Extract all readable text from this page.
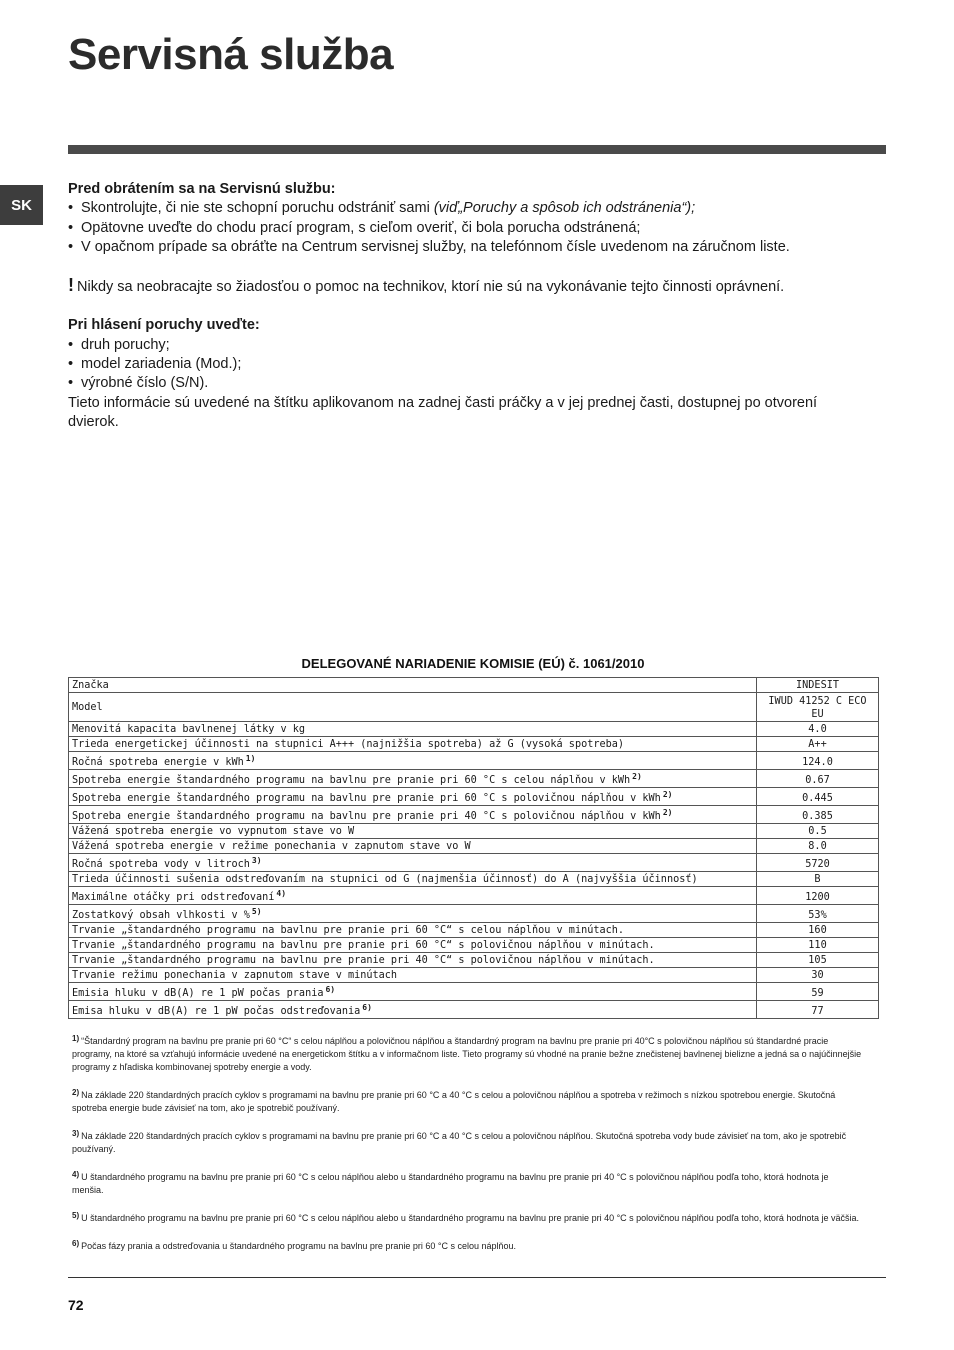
Servisná služba
SK

Pred obrátením sa na Servisnú službu:

• Skontrolujte, či nie ste schopní poruchu odstrániť sami (viď„Poruchy a spôsob ich odstránenia“);
• Opätovne uveďte do chodu prací program, s cieľom overiť, či bola porucha odstránená;
• V opačnom prípade sa obráťte na Centrum servisnej služby, na telefónnom čísle uvedenom na záručnom liste.

! Nikdy sa neobracajte so žiadosťou o pomoc na technikov, ktorí nie sú na vykonávanie tejto činnosti oprávnení.

Pri hlásení poruchy uveďte:

• druh poruchy;
• model zariadenia (Mod.);
• výrobné číslo (S/N).

Tieto informácie sú uvedené na štítku aplikovanom na zadnej časti práčky a v jej prednej časti, dostupnej po otvorení dvierok.

DELEGOVANÉ NARIADENIE KOMISIE (EÚ) č. 1061/2010
Značka	INDESIT
Model	IWUD 41252 C ECO EU
Menovitá kapacita bavlnenej látky v kg	4.0
Trieda energetickej účinnosti na stupnici A+++ (najnižšia spotreba) až G (vysoká spotreba)	A++
Ročná spotreba energie v kWh $^{1)}$	124.0
Spotreba energie štandardného programu na bavlnu pre pranie pri 60 °C s celou náplňou v kWh $^{2)}$	0.67
Spotreba energie štandardného programu na bavlnu pre pranie pri 60 °C s polovičnou náplňou v kWh $^{2)}$	0.445
Spotreba energie štandardného programu na bavlnu pre pranie pri 40 °C s polovičnou náplňou v kWh $^{2)}$	0.385
Vážená spotreba energie vo vypnutom stave vo W	0.5
Vážená spotreba energie v režime ponechania v zapnutom stave vo W	8.0
Ročná spotreba vody v litroch $^{3)}$	5720
Trieda účinnosti sušenia odstreďovaním na stupnici od G (najmenšia účinnosť) do A (najvyššia účinnosť)	B
Maximálne otáčky pri odstreďovaní $^{4)}$	1200
Zostatkový obsah vlhkosti v % $^{5)}$	53%
Trvanie „štandardného programu na bavlnu pre pranie pri 60 °C“ s celou náplňou v minútach.	160
Trvanie „štandardného programu na bavlnu pre pranie pri 60 °C“ s polovičnou náplňou v minútach.	110
Trvanie „štandardného programu na bavlnu pre pranie pri 40 °C“ s polovičnou náplňou v minútach.	105
Trvanie režimu ponechania v zapnutom stave v minútach	30
Emisia hluku v dB(A) re 1 pW počas prania $^{6)}$	59
Emisa hluku v dB(A) re 1 pW počas odstreďovania $^{6)}$	77
1) “Štandardný program na bavlnu pre pranie pri 60 °C“ s celou náplňou a polovičnou náplňou a štandardný program na bavlnu pre pranie pri 40°C s polovičnou náplňou sú štandardné pracie programy, na ktoré sa vzťahujú informácie uvedené na energetickom štítku a v informačnom liste. Tieto programy sú vhodné na pranie bežne znečistenej bavlnenej bielizne a jedná sa o najúčinnejšie programy z hľadiska kombinovanej spotreby energie a vody.
2) Na základe 220 štandardných pracích cyklov s programami na bavlnu pre pranie pri 60 °C a 40 °C s celou a polovičnou náplňou a spotreba v režimoch s nízkou spotrebou energie. Skutočná spotreba energie bude závisieť na tom, ako je spotrebič používaný.
3) Na základe 220 štandardných pracích cyklov s programami na bavlnu pre pranie pri 60 °C a 40 °C s celou a polovičnou náplňou. Skutočná spotreba vody bude závisieť na tom, ako je spotrebič používaný.
4) U štandardného programu na bavlnu pre pranie pri 60 °C s celou náplňou alebo u štandardného programu na bavlnu pre pranie pri 40 °C s polovičnou náplňou podľa toho, ktorá hodnota je menšia.
5) U štandardného programu na bavlnu pre pranie pri 60 °C s celou náplňou alebo u štandardného programu na bavlnu pre pranie pri 40 °C s polovičnou náplňou podľa toho, ktorá hodnota je väčšia.
6) Počas fázy prania a odstreďovania u štandardného programu na bavlnu pre pranie pri 60 °C s celou náplňou.
72
